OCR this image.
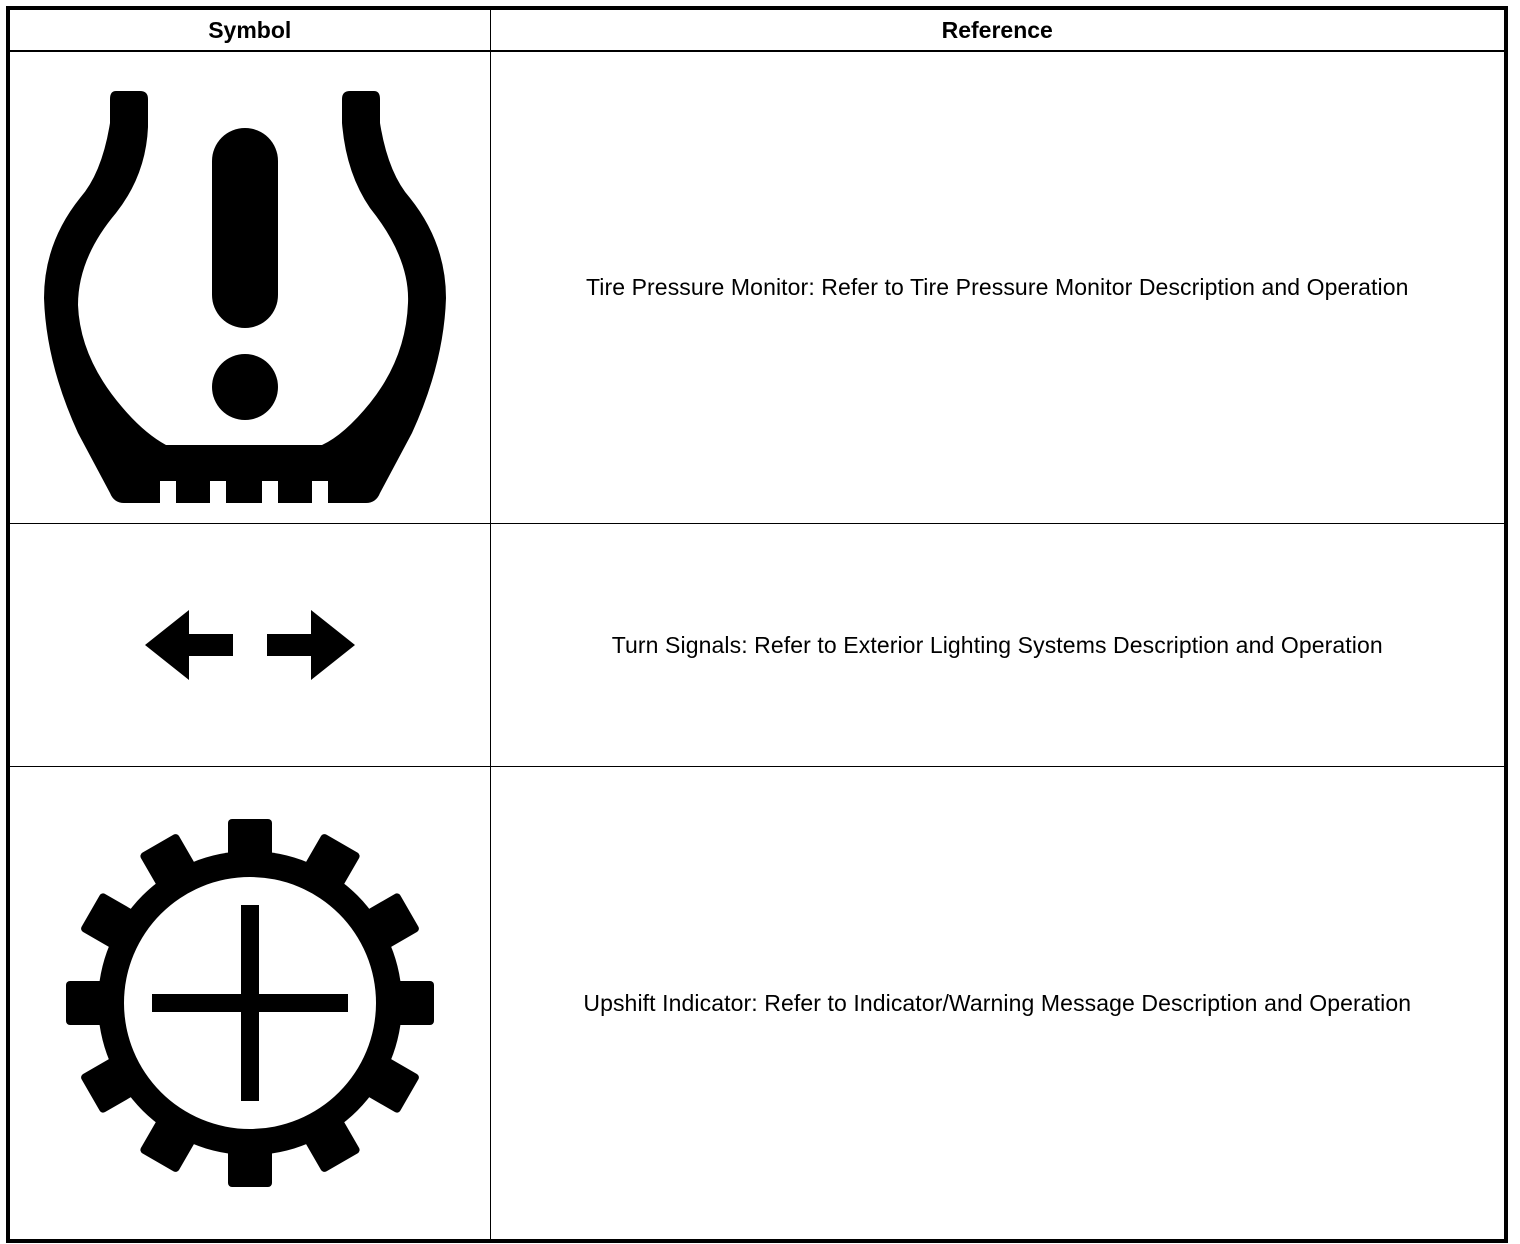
Symbol	Reference

	Tire Pressure Monitor: Refer to Tire Pressure Monitor Description and Operation

	Turn Signals: Refer to Exterior Lighting Systems Description and Operation

	Upshift Indicator: Refer to Indicator/Warning Message Description and Operation
